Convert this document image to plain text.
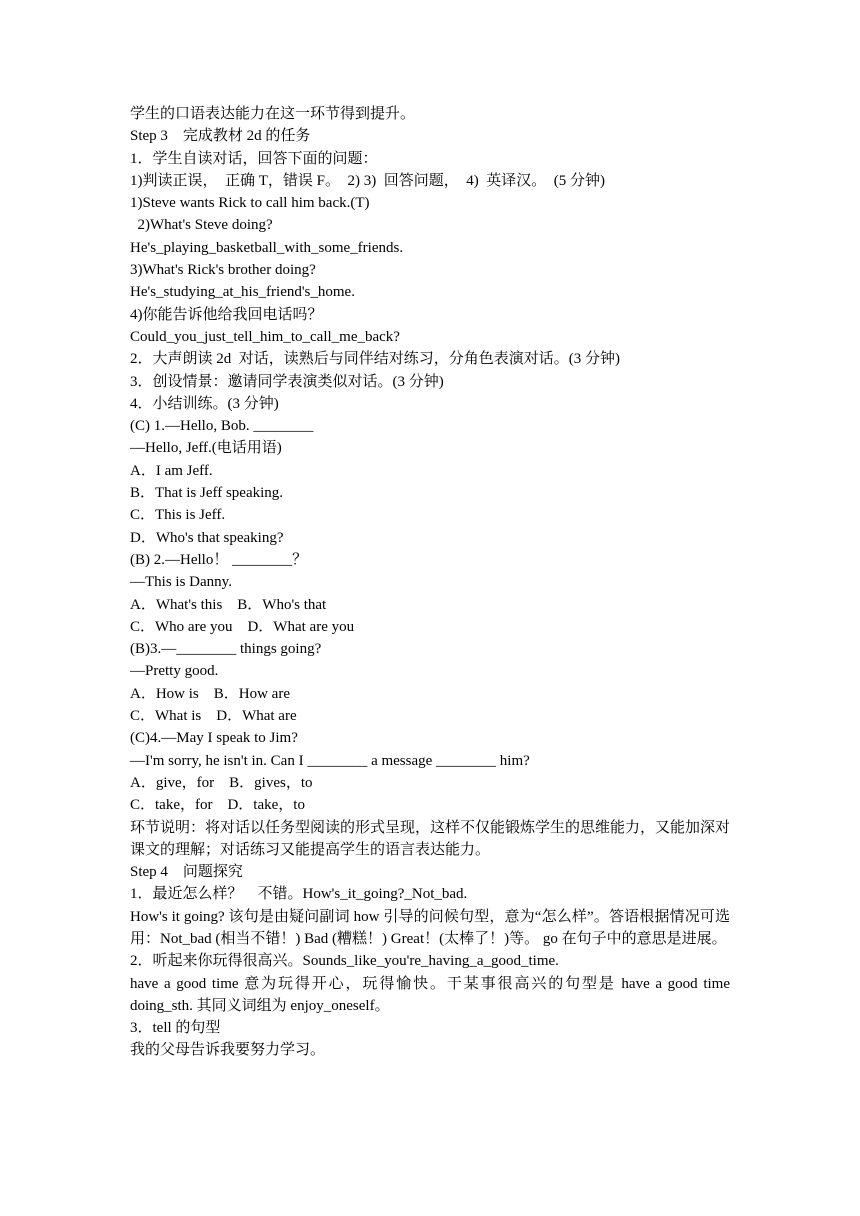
学生的口语表达能力在这一环节得到提升。
Step 3　完成教材 2d 的任务
1．学生自读对话，回答下面的问题：
1)判读正误，　正确 T，错误 F。　2) 3)  回答问题，　4)  英译汉。  (5 分钟)
1)Steve wants Rick to call him back.(T)
2)What's Steve doing?
He's_playing_basketball_with_some_friends.
3)What's Rick's brother doing?
He's_studying_at_his_friend's_home.
4)你能告诉他给我回电话吗？
Could_you_just_tell_him_to_call_me_back?
2．大声朗读 2d  对话，读熟后与同伴结对练习，分角色表演对话。(3 分钟)
3．创设情景：邀请同学表演类似对话。(3 分钟)
4．小结训练。(3 分钟)
(C) 1.—Hello, Bob. ________
—Hello, Jeff.(电话用语)
A．I am Jeff.
B．That is Jeff speaking.
C．This is Jeff.
D．Who's that speaking?
(B) 2.—Hello！ ________？
—This is Danny.
A．What's this　B．Who's that
C．Who are you　D．What are you
(B)3.—________ things going?
—Pretty good.
A．How is　B．How are
C．What is　D．What are
(C)4.—May I speak to Jim?
—I'm sorry, he isn't in. Can I ________ a message ________ him?
A．give，for　B．gives，to
C．take，for　D．take，to
环节说明：将对话以任务型阅读的形式呈现，这样不仅能锻炼学生的思维能力，又能加深对课文的理解；对话练习又能提高学生的语言表达能力。
Step 4　问题探究
1．最近怎么样？　不错。How's_it_going?_Not_bad.
How's it going? 该句是由疑问副词 how 引导的问候句型，意为“怎么样”。答语根据情况可选用：Not_bad (相当不错！) Bad (糟糕！) Great！(太棒了！)等。 go 在句子中的意思是进展。
2．听起来你玩得很高兴。Sounds_like_you're_having_a_good_time.
have a good time 意为玩得开心，玩得愉快。干某事很高兴的句型是 have a good time doing_sth. 其同义词组为 enjoy_oneself。
3．tell 的句型
我的父母告诉我要努力学习。
